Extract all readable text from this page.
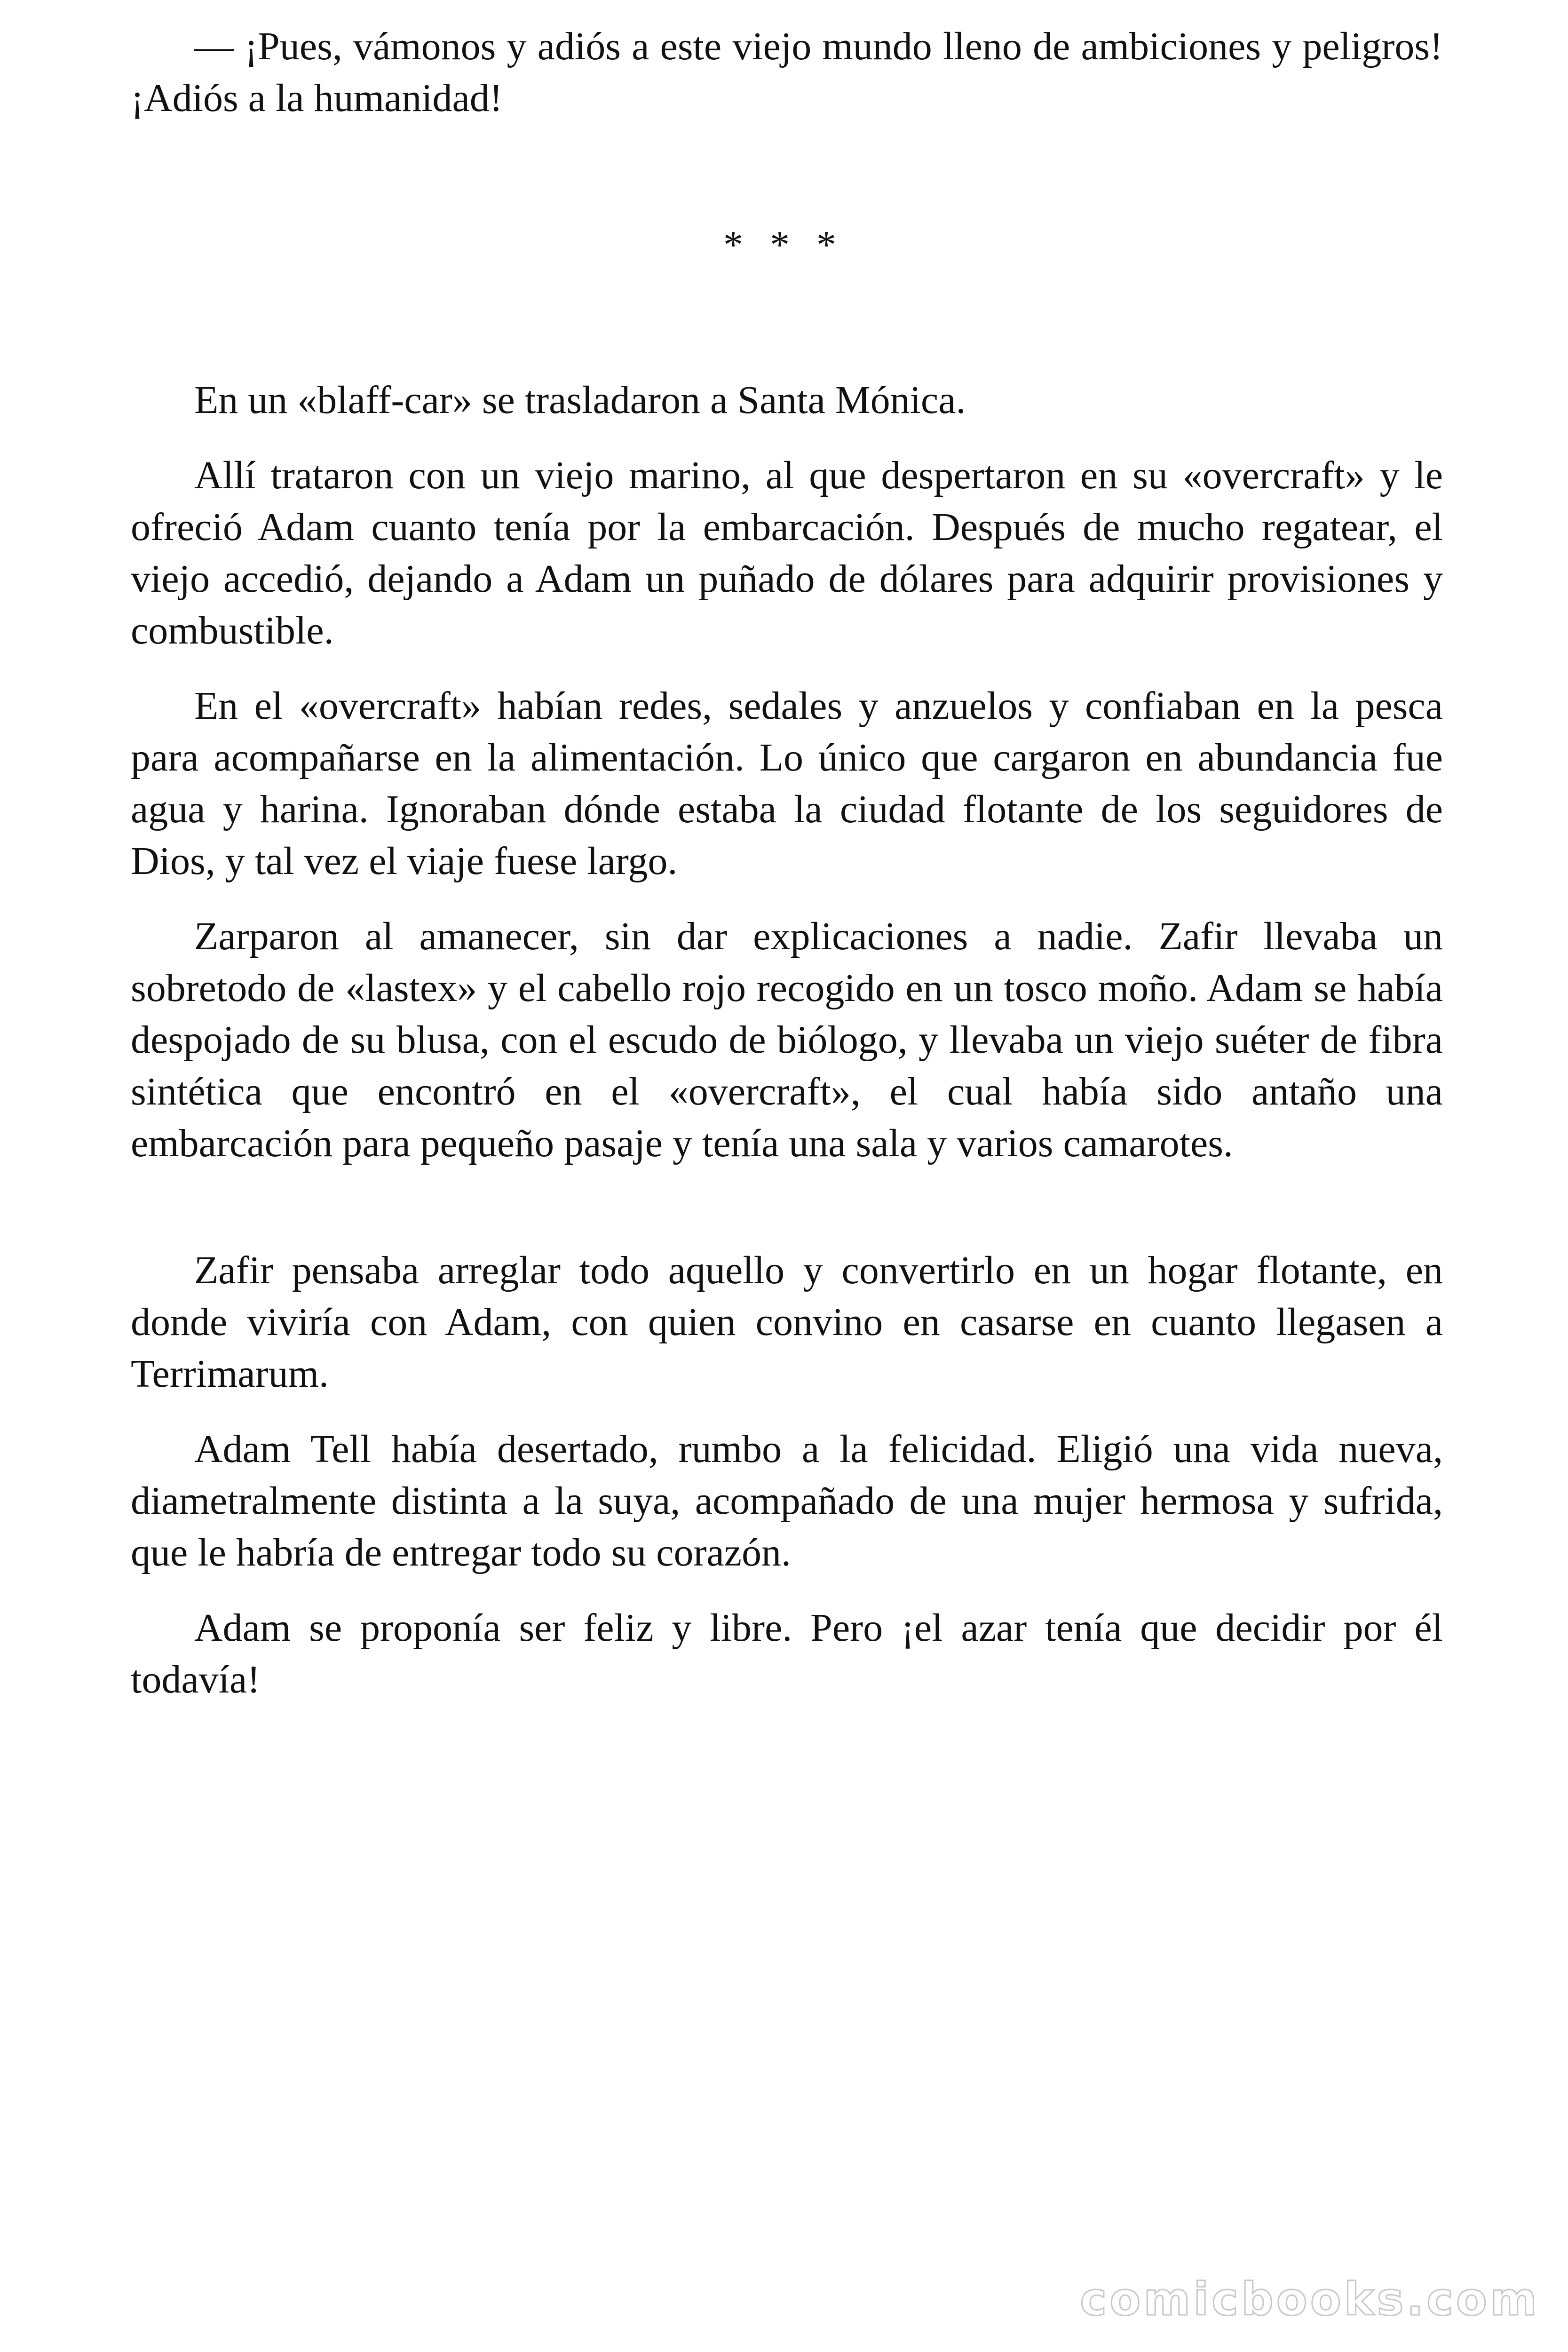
— ¡Pues, vámonos y adiós a este viejo mundo lleno de ambiciones y peligros! ¡Adiós a la humanidad!

* * *

En un «blaff-car» se trasladaron a Santa Mónica.

Allí trataron con un viejo marino, al que despertaron en su «overcraft» y le ofreció Adam cuanto tenía por la embarcación. Después de mucho regatear, el viejo accedió, dejando a Adam un puñado de dólares para adquirir provisiones y combustible.

En el «overcraft» habían redes, sedales y anzuelos y confiaban en la pesca para acompañarse en la alimentación. Lo único que cargaron en abundancia fue agua y harina. Ignoraban dónde estaba la ciudad flotante de los seguidores de Dios, y tal vez el viaje fuese largo.

Zarparon al amanecer, sin dar explicaciones a nadie. Zafir llevaba un sobretodo de «lastex» y el cabello rojo recogido en un tosco moño. Adam se había despojado de su blusa, con el escudo de biólogo, y llevaba un viejo suéter de fibra sintética que encontró en el «overcraft», el cual había sido antaño una embarcación para pequeño pasaje y tenía una sala y varios camarotes.

Zafir pensaba arreglar todo aquello y convertirlo en un hogar flotante, en donde viviría con Adam, con quien convino en casarse en cuanto llegasen a Terrimarum.

Adam Tell había desertado, rumbo a la felicidad. Eligió una vida nueva, diametralmente distinta a la suya, acompañado de una mujer hermosa y sufrida, que le habría de entregar todo su corazón.

Adam se proponía ser feliz y libre. Pero ¡el azar tenía que decidir por él todavía!

comicbooks.com
